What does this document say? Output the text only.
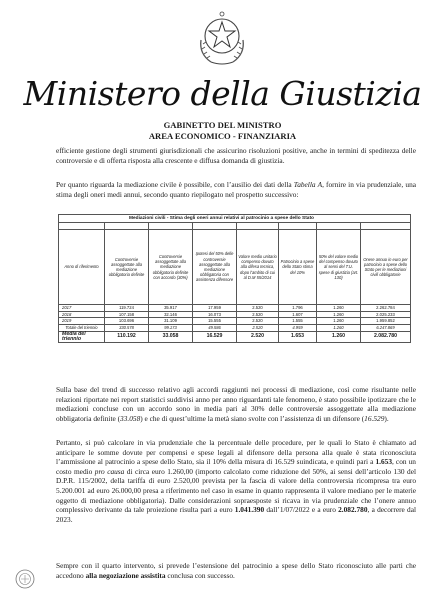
Ministero della Giustizia
GABINETTO DEL MINISTRO
AREA ECONOMICO - FINANZIARIA
efficiente gestione degli strumenti giurisdizionali che assicurino risoluzioni positive, anche in termini di speditezza delle controversie e di offerta risposta alla crescente e diffusa domanda di giustizia.
Per quanto riguarda la mediazione civile è possibile, con l’ausilio dei dati della Tabella A, fornire in via prudenziale, una stima degli oneri medi annui, secondo quanto riepilogato nel prospetto successivo:
Mediazioni civili - Stima degli oneri annui relativi al patrocinio a spese dello Stato							

Anno di riferimento	Controversie assoggettate alla mediazione obbligatoria definite	Controversie assoggettate alla mediazione obbligatoria definite con accordo (30%)	Ipotesi del 50% delle controversie assoggettate alla mediazione obbligatoria con assistenza difensore	Valore medio unitario compenso dovuto alla difesa tecnica, dopo l'ambito di cui al D.M 55/2014	Patrocinio a spese dello Stato stima del 10%	50% del valore medio del compenso dovuto al sensi del T.U. spese di giustizia (art. 130)	Onere annuo in euro per patrocinio a spese dello Stato per le mediazioni civili obbligatorie
2017	119.724	35.917	17.959	2.520	1.796	1.260	2.262.784
2018	107.158	32.146	16.073	2.520	1.607	1.260	2.025.233
2019	103.696	31.109	15.555	2.520	1.555	1.260	1.959.852
Totale del triennio	330.578	99.173	49.586	2.520	4.959	1.260	6.247.869
Media del triennio	110.192	33.058	16.529	2.520	1.653	1.260	2.082.780
Sulla base del trend di successo relativo agli accordi raggiunti nei processi di mediazione, così come risultante nelle relazioni riportate nei report statistici suddivisi anno per anno riguardanti tale fenomeno, è stato possibile ipotizzare che le mediazioni concluse con un accordo sono in media pari al 30% delle controversie assoggettate alla mediazione obbligatoria definite (33.058) e che di quest’ultime la metà siano svolte con l’assistenza di un difensore (16.529).
Pertanto, si può calcolare in via prudenziale che la percentuale delle procedure, per le quali lo Stato è chiamato ad anticipare le somme dovute per compensi e spese legali al difensore della persona alla quale è stata riconosciuta l’ammissione al patrocinio a spese dello Stato, sia il 10% della misura di 16.529 suindicata, e quindi pari a 1.653, con un costo medio pro causa di circa euro 1.260,00 (importo calcolato come riduzione del 50%, ai sensi dell’articolo 130 del D.P.R. 115/2002, della tariffa di euro 2.520,00 prevista per la fascia di valore della controversia ricompresa tra euro 5.200.001 ad euro 26.000,00 presa a riferimento nel caso in esame in quanto rappresenta il valore mediano per le materie oggetto di mediazione obbligatoria). Dalle considerazioni sopraesposte si ricava in via prudenziale che l’onere annuo complessivo derivante da tale proiezione risulta pari a euro 1.041.390 dall’1/07/2022 e a euro 2.082.780, a decorrere dal 2023.
Sempre con il quarto intervento, si prevede l’estensione del patrocinio a spese dello Stato riconosciuto alle parti che accedono alla negoziazione assistita conclusa con successo.
